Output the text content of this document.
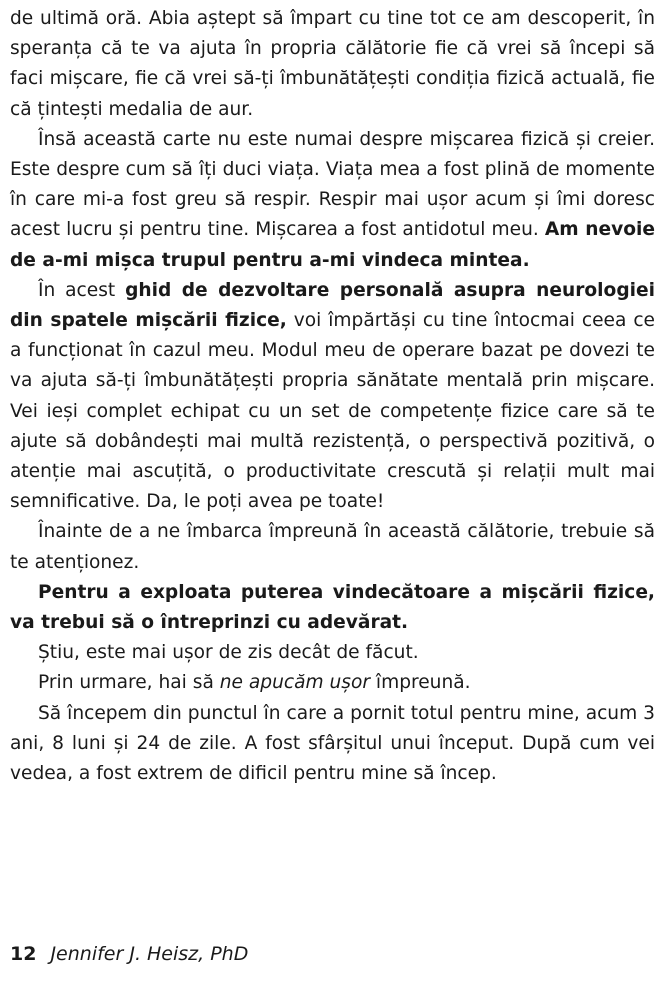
de ultimă oră. Abia aștept să împart cu tine tot ce am descoperit, în speranța că te va ajuta în propria călătorie fie că vrei să începi să faci mișcare, fie că vrei să-ți îmbunătățești condiția fizică actuală, fie că țintești medalia de aur.

Însă această carte nu este numai despre mișcarea fizică și creier. Este despre cum să îți duci viața. Viața mea a fost plină de momente în care mi-a fost greu să respir. Respir mai ușor acum și îmi doresc acest lucru și pentru tine. Mișcarea a fost antidotul meu. Am nevoie de a-mi mișca trupul pentru a-mi vindeca mintea.

În acest ghid de dezvoltare personală asupra neurologiei din spatele mișcării fizice, voi împărtăși cu tine întocmai ceea ce a funcționat în cazul meu. Modul meu de operare bazat pe dovezi te va ajuta să-ți îmbunătățești propria sănătate mentală prin mișcare. Vei ieși complet echipat cu un set de competențe fizice care să te ajute să dobândești mai multă rezistență, o perspectivă pozitivă, o atenție mai ascuțită, o productivitate crescută și relații mult mai semnificative. Da, le poți avea pe toate!

Înainte de a ne îmbarca împreună în această călătorie, trebuie să te atenționez.

Pentru a exploata puterea vindecătoare a mișcării fizice, va trebui să o întreprinzi cu adevărat.

Știu, este mai ușor de zis decât de făcut.

Prin urmare, hai să ne apucăm ușor împreună.

Să începem din punctul în care a pornit totul pentru mine, acum 3 ani, 8 luni și 24 de zile. A fost sfârșitul unui început. După cum vei vedea, a fost extrem de dificil pentru mine să încep.

12 Jennifer J. Heisz, PhD
